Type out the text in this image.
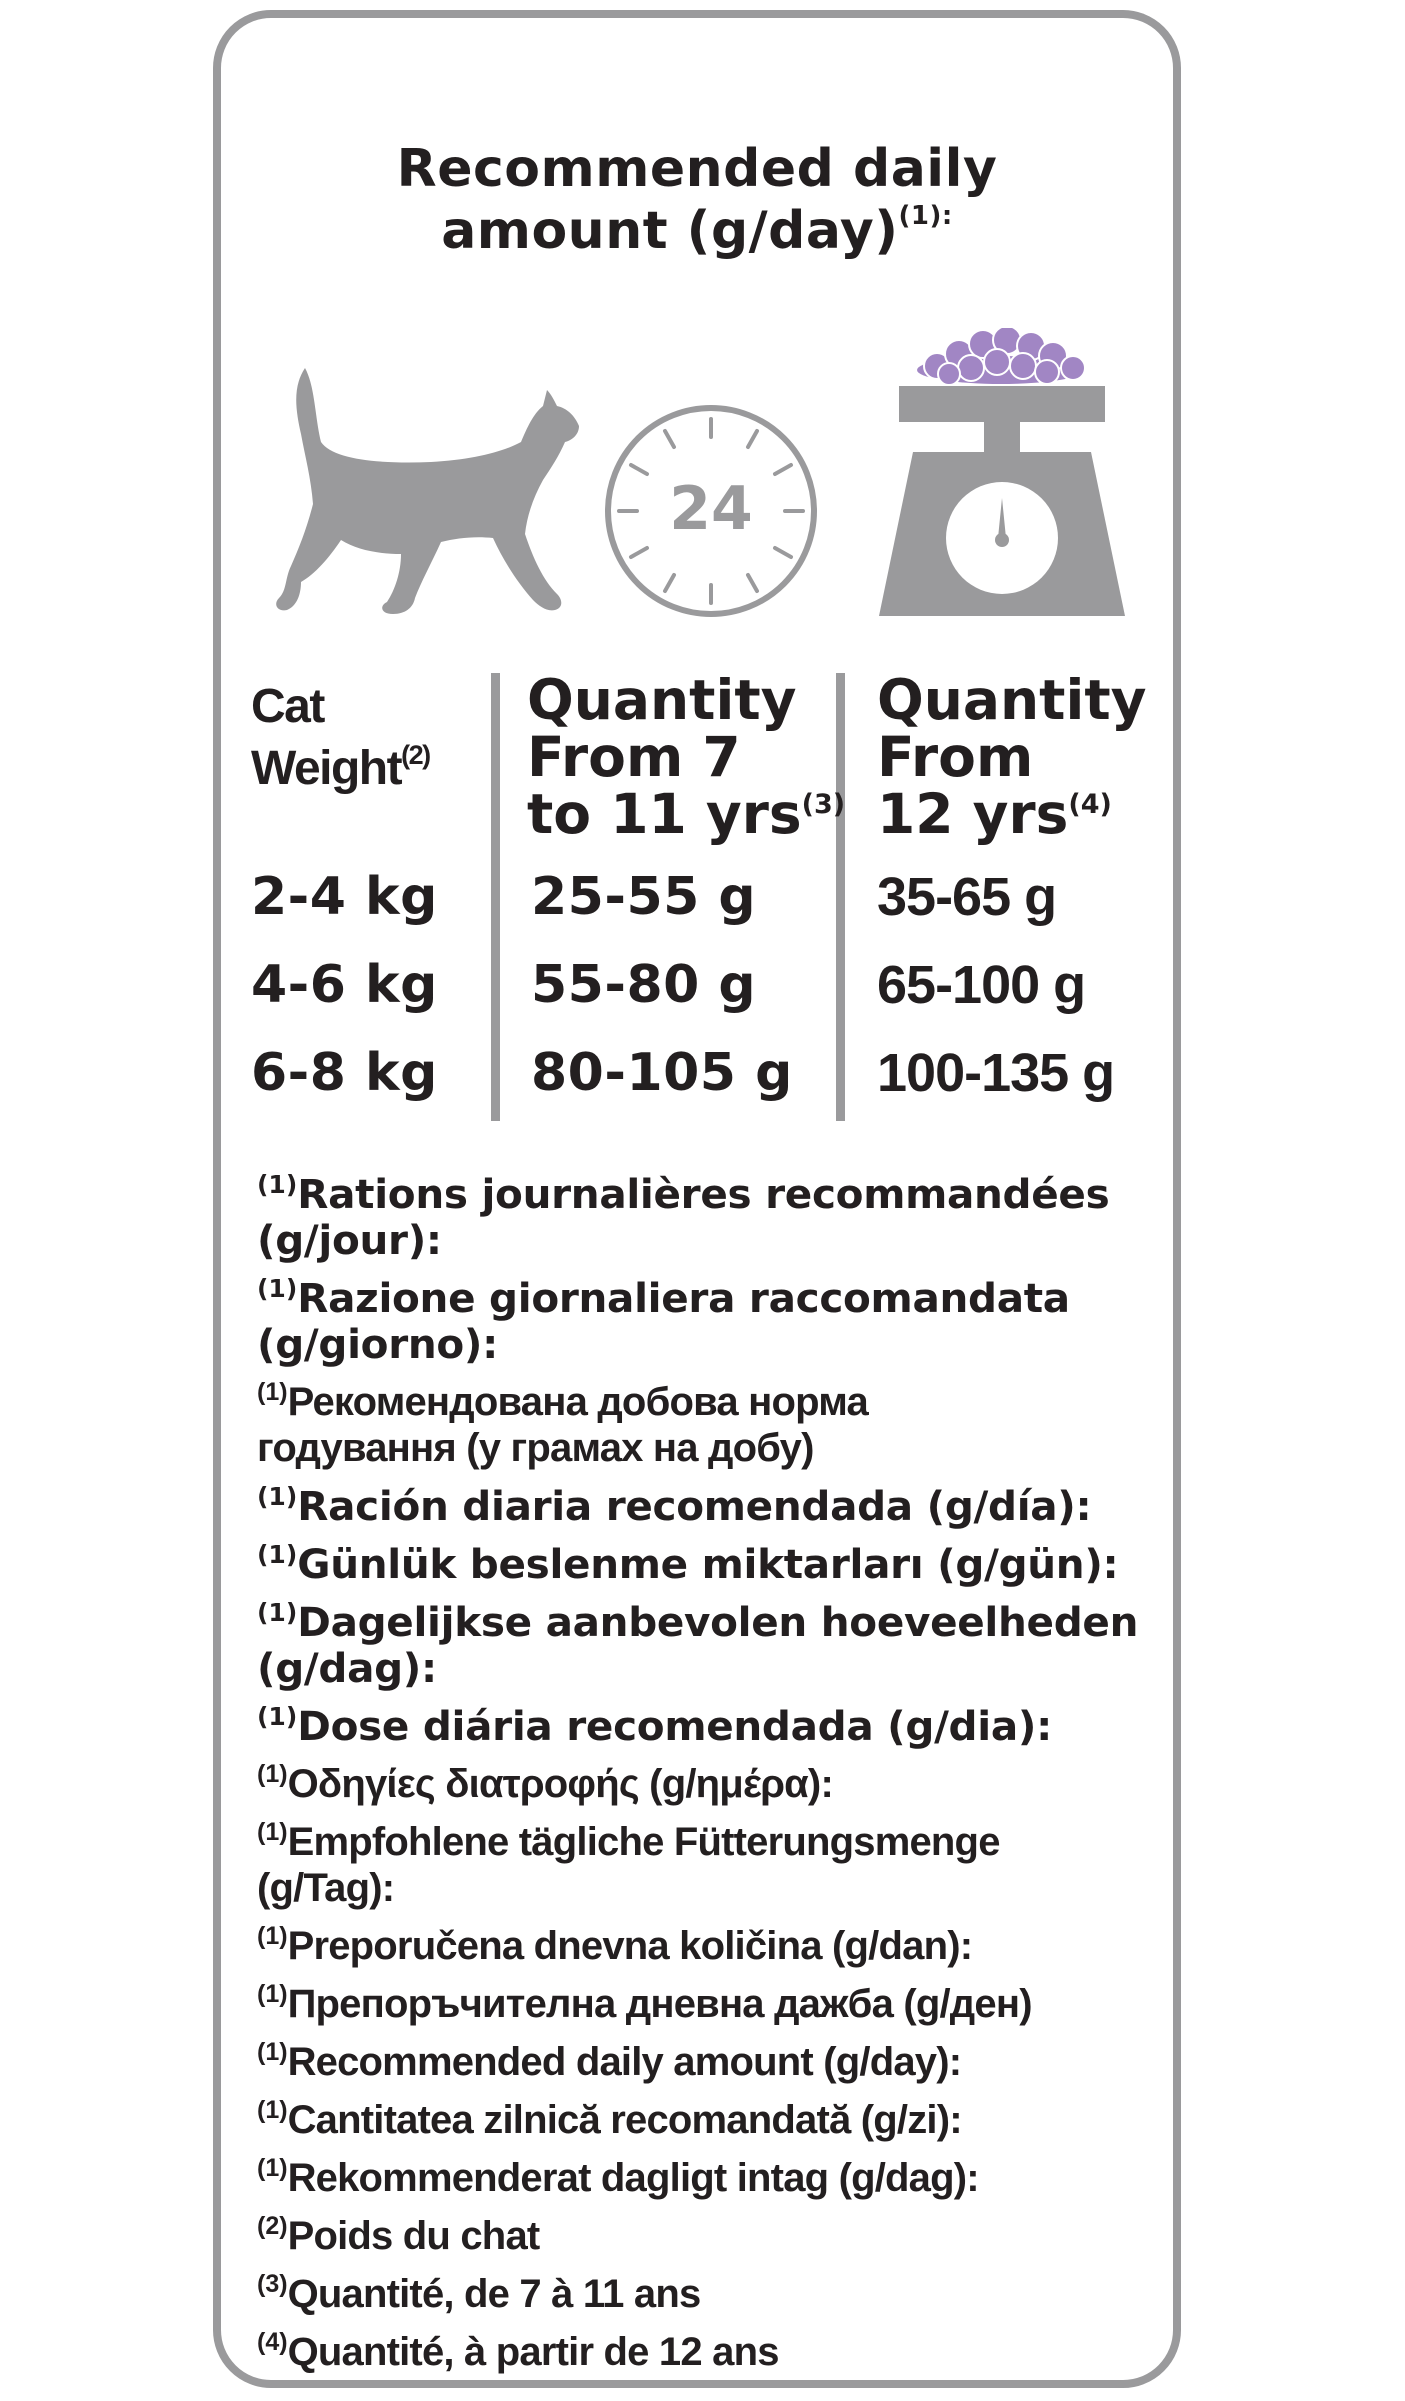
Recommended daily
amount $(g/day)^{(1):}$
24
Cat
Weight$^{(2)}$
Quantity
From 7
to 11 yrs$^{(3)}$
Quantity
From
12 yrs$^{(4)}$
2-4 kg 25-55 g 35-65 g
4-6 kg 55-80 g 65-100 g
6-8 kg 80-105 g 100-135 g
$^{(1)}$Rations journalières recommandées
(g/jour):
$^{(1)}$Razione giornaliera raccomandata
(g/giorno):
$^{(1)}$Рекомендована добова норма
годування (у грамах на добу)
$^{(1)}$Ración diaria recomendada (g/día):
$^{(1)}$Günlük beslenme miktarları (g/gün):
$^{(1)}$Dagelijkse aanbevolen hoeveelheden
(g/dag):
$^{(1)}$Dose diária recomendada (g/dia):
$^{(1)}$Οδηγίες διατροφής (g/ημέρα):
$^{(1)}$Empfohlene tägliche Fütterungsmenge
(g/Tag):
$^{(1)}$Preporučena dnevna količina (g/dan):
$^{(1)}$Препоръчителна дневна дажба (g/ден)
$^{(1)}$Recommended daily amount (g/day):
$^{(1)}$Cantitatea zilnică recomandată (g/zi):
$^{(1)}$Rekommenderat dagligt intag (g/dag):
$^{(2)}$Poids du chat
$^{(3)}$Quantité, de 7 à 11 ans
$^{(4)}$Quantité, à partir de 12 ans
